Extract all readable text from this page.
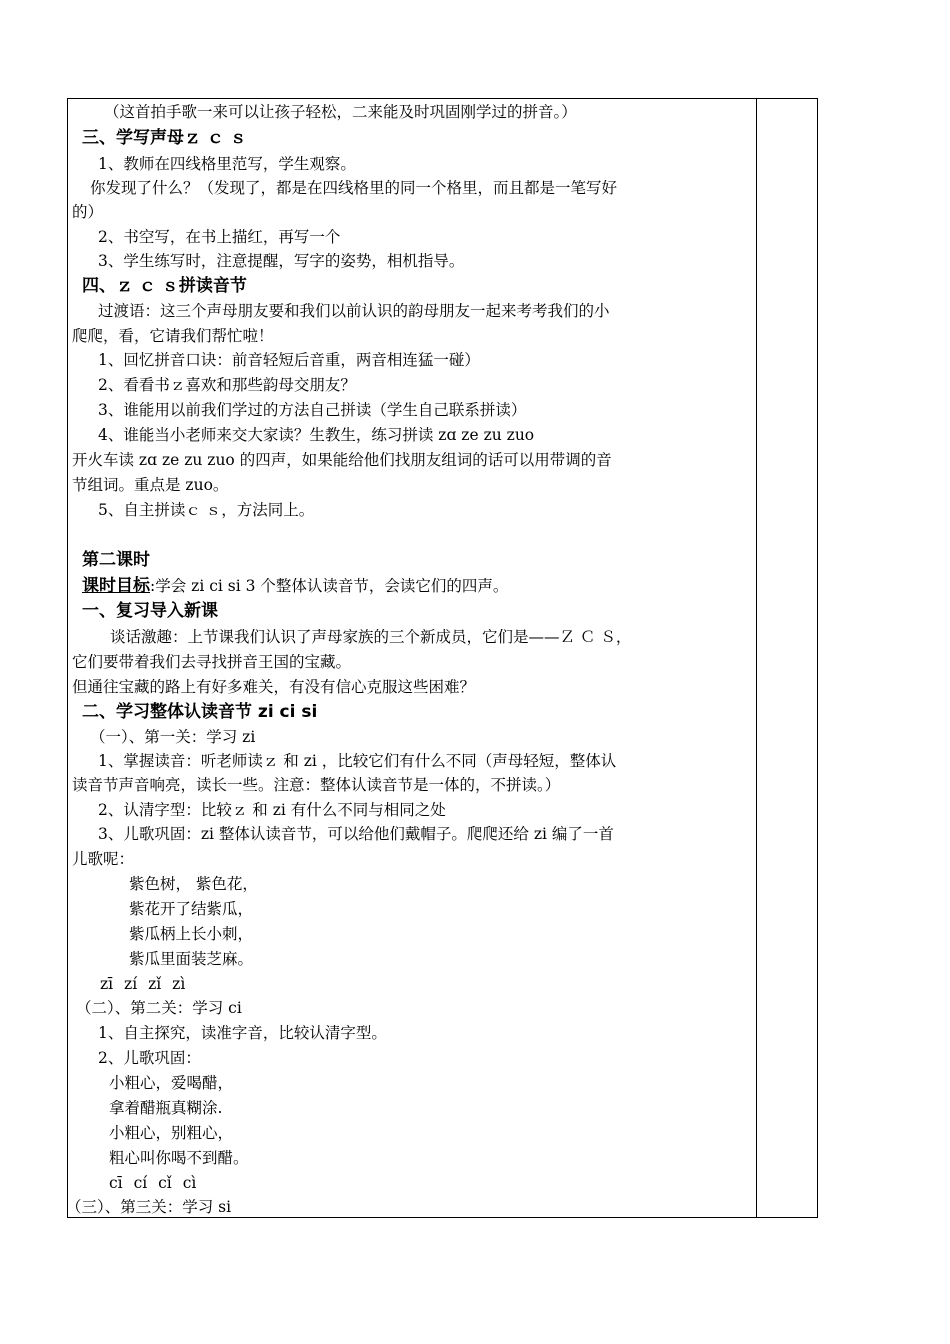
（这首拍手歌一来可以让孩子轻松，二来能及时巩固刚学过的拼音。）
三、学写声母ｚ ｃ ｓ
1、教师在四线格里范写，学生观察。
你发现了什么？（发现了，都是在四线格里的同一个格里，而且都是一笔写好
的）
2、书空写，在书上描红，再写一个
3、学生练写时，注意提醒，写字的姿势，相机指导。
四、ｚ ｃ ｓ拼读音节
过渡语：这三个声母朋友要和我们以前认识的韵母朋友一起来考考我们的小
爬爬，看，它请我们帮忙啦！
1、回忆拼音口诀：前音轻短后音重，两音相连猛一碰）
2、看看书ｚ喜欢和那些韵母交朋友？
3、谁能用以前我们学过的方法自己拼读（学生自己联系拼读）
4、谁能当小老师来交大家读？生教生，练习拼读 zɑ ze zu zuo
开火车读 zɑ ze zu zuo 的四声，如果能给他们找朋友组词的话可以用带调的音
节组词。重点是 zuo。
5、自主拼读ｃ ｓ，方法同上。
第二课时
课时目标:学会 zi ci si 3 个整体认读音节，会读它们的四声。
一、复习导入新课
谈话激趣：上节课我们认识了声母家族的三个新成员，它们是——Ｚ Ｃ Ｓ，
它们要带着我们去寻找拼音王国的宝藏。
但通往宝藏的路上有好多难关，有没有信心克服这些困难？
二、学习整体认读音节 zi ci si
（一）、第一关：学习 zi
1、掌握读音：听老师读ｚ 和 zi ，比较它们有什么不同（声母轻短，整体认
读音节声音响亮，读长一些。注意：整体认读音节是一体的，不拼读。）
2、认清字型：比较ｚ 和 zi 有什么不同与相同之处
3、儿歌巩固：zi 整体认读音节，可以给他们戴帽子。爬爬还给 zi 编了一首
儿歌呢：
紫色树， 紫色花，
紫花开了结紫瓜，
紫瓜柄上长小刺，
紫瓜里面装芝麻。
zī zí zǐ zì
（二）、第二关：学习 ci
1、自主探究，读准字音，比较认清字型。
2、儿歌巩固：
小粗心，爱喝醋，
拿着醋瓶真糊涂.
小粗心，别粗心，
粗心叫你喝不到醋。
cī cí cǐ cì
（三）、第三关：学习 si
